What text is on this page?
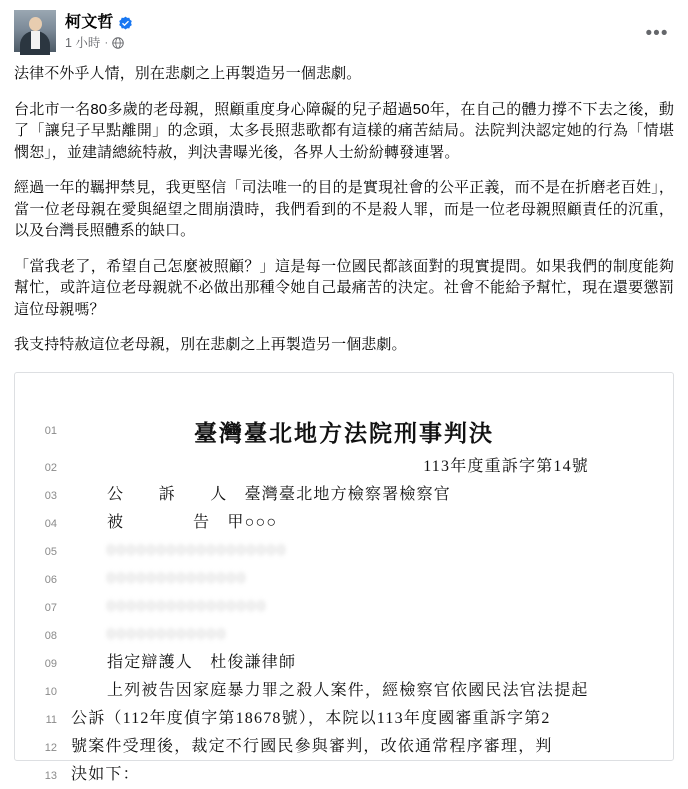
柯文哲
1 小時 ·	•••

法律不外乎人情，別在悲劇之上再製造另一個悲劇。

台北市一名80多歲的老母親，照顧重度身心障礙的兒子超過50年，在自己的體力撐不下去之後，動了「讓兒子早點離開」的念頭，太多長照悲歌都有這樣的痛苦結局。法院判決認定她的行為「情堪憫恕」，並建請總統特赦，判決書曝光後，各界人士紛紛轉發連署。

經過一年的羈押禁見，我更堅信「司法唯一的目的是實現社會的公平正義，而不是在折磨老百姓」，當一位老母親在愛與絕望之間崩潰時，我們看到的不是殺人罪，而是一位老母親照顧責任的沉重，以及台灣長照體系的缺口。

「當我老了，希望自己怎麼被照顧？」這是每一位國民都該面對的現實提問。如果我們的制度能夠幫忙，或許這位老母親就不必做出那種令她自己最痛苦的決定。社會不能給予幫忙，現在還要懲罰這位母親嗎？

我支持特赦這位老母親，別在悲劇之上再製造另一個悲劇。

臺灣臺北地方法院刑事判決
01
02	113年度重訴字第14號
03	公　　訴　　人　臺灣臺北地方檢察署檢察官
04	被　　　　告　甲○○○
05	000000000000000000
06	00000000000000
07	0000000000000000
08	000000000000
09	指定辯護人　杜俊謙律師
10	上列被告因家庭暴力罪之殺人案件，經檢察官依國民法官法提起
11 公訴（112年度偵字第18678號），本院以113年度國審重訴字第2
12 號案件受理後，裁定不行國民參與審判，改依通常程序審理，判
13 決如下：
